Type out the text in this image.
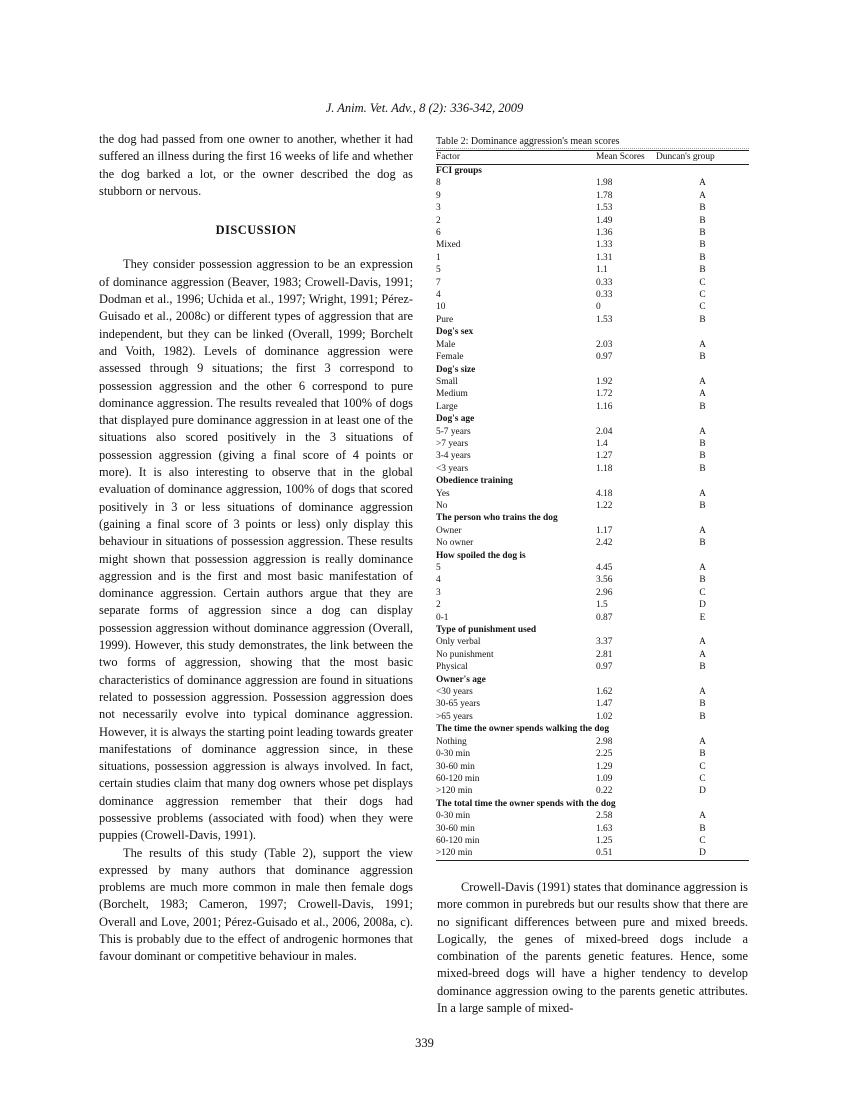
J. Anim. Vet. Adv., 8 (2): 336-342, 2009

the dog had passed from one owner to another, whether it had suffered an illness during the first 16 weeks of life and whether the dog barked a lot, or the owner described the dog as stubborn or nervous.

DISCUSSION

They consider possession aggression to be an expression of dominance aggression (Beaver, 1983; Crowell-Davis, 1991; Dodman et al., 1996; Uchida et al., 1997; Wright, 1991; Pérez-Guisado et al., 2008c) or different types of aggression that are independent, but they can be linked (Overall, 1999; Borchelt and Voith, 1982). Levels of dominance aggression were assessed through 9 situations; the first 3 correspond to possession aggression and the other 6 correspond to pure dominance aggression. The results revealed that 100% of dogs that displayed pure dominance aggression in at least one of the situations also scored positively in the 3 situations of possession aggression (giving a final score of 4 points or more). It is also interesting to observe that in the global evaluation of dominance aggression, 100% of dogs that scored positively in 3 or less situations of dominance aggression (gaining a final score of 3 points or less) only display this behaviour in situations of possession aggression. These results might shown that possession aggression is really dominance aggression and is the first and most basic manifestation of dominance aggression. Certain authors argue that they are separate forms of aggression since a dog can display possession aggression without dominance aggression (Overall, 1999). However, this study demonstrates, the link between the two forms of aggression, showing that the most basic characteristics of dominance aggression are found in situations related to possession aggression. Possession aggression does not necessarily evolve into typical dominance aggression. However, it is always the starting point leading towards greater manifestations of dominance aggression since, in these situations, possession aggression is always involved. In fact, certain studies claim that many dog owners whose pet displays dominance aggression remember that their dogs had possessive problems (associated with food) when they were puppies (Crowell-Davis, 1991).

The results of this study (Table 2), support the view expressed by many authors that dominance aggression problems are much more common in male then female dogs (Borchelt, 1983; Cameron, 1997; Crowell-Davis, 1991; Overall and Love, 2001; Pérez-Guisado et al., 2006, 2008a, c). This is probably due to the effect of androgenic hormones that favour dominant or competitive behaviour in males.

Table 2: Dominance aggression's mean scores
Factor	Mean Scores	Duncan's group
FCI groups		
8	1.98	A
9	1.78	A
3	1.53	B
2	1.49	B
6	1.36	B
Mixed	1.33	B
1	1.31	B
5	1.1	B
7	0.33	C
4	0.33	C
10	0	C
Pure	1.53	B
Dog's sex		
Male	2.03	A
Female	0.97	B
Dog's size		
Small	1.92	A
Medium	1.72	A
Large	1.16	B
Dog's age		
5-7 years	2.04	A
>7 years	1.4	B
3-4 years	1.27	B
<3 years	1.18	B
Obedience training		
Yes	4.18	A
No	1.22	B
The person who trains the dog		
Owner	1.17	A
No owner	2.42	B
How spoiled the dog is		
5	4.45	A
4	3.56	B
3	2.96	C
2	1.5	D
0-1	0.87	E
Type of punishment used		
Only verbal	3.37	A
No punishment	2.81	A
Physical	0.97	B
Owner's age		
<30 years	1.62	A
30-65 years	1.47	B
>65 years	1.02	B
The time the owner spends walking the dog		
Nothing	2.98	A
0-30 min	2.25	B
30-60 min	1.29	C
60-120 min	1.09	C
>120 min	0.22	D
The total time the owner spends with the dog		
0-30 min	2.58	A
30-60 min	1.63	B
60-120 min	1.25	C
>120 min	0.51	D

Crowell-Davis (1991) states that dominance aggression is more common in purebreds but our results show that there are no significant differences between pure and mixed breeds. Logically, the genes of mixed-breed dogs include a combination of the parents genetic features. Hence, some mixed-breed dogs will have a higher tendency to develop dominance aggression owing to the parents genetic attributes. In a large sample of mixed-

339
